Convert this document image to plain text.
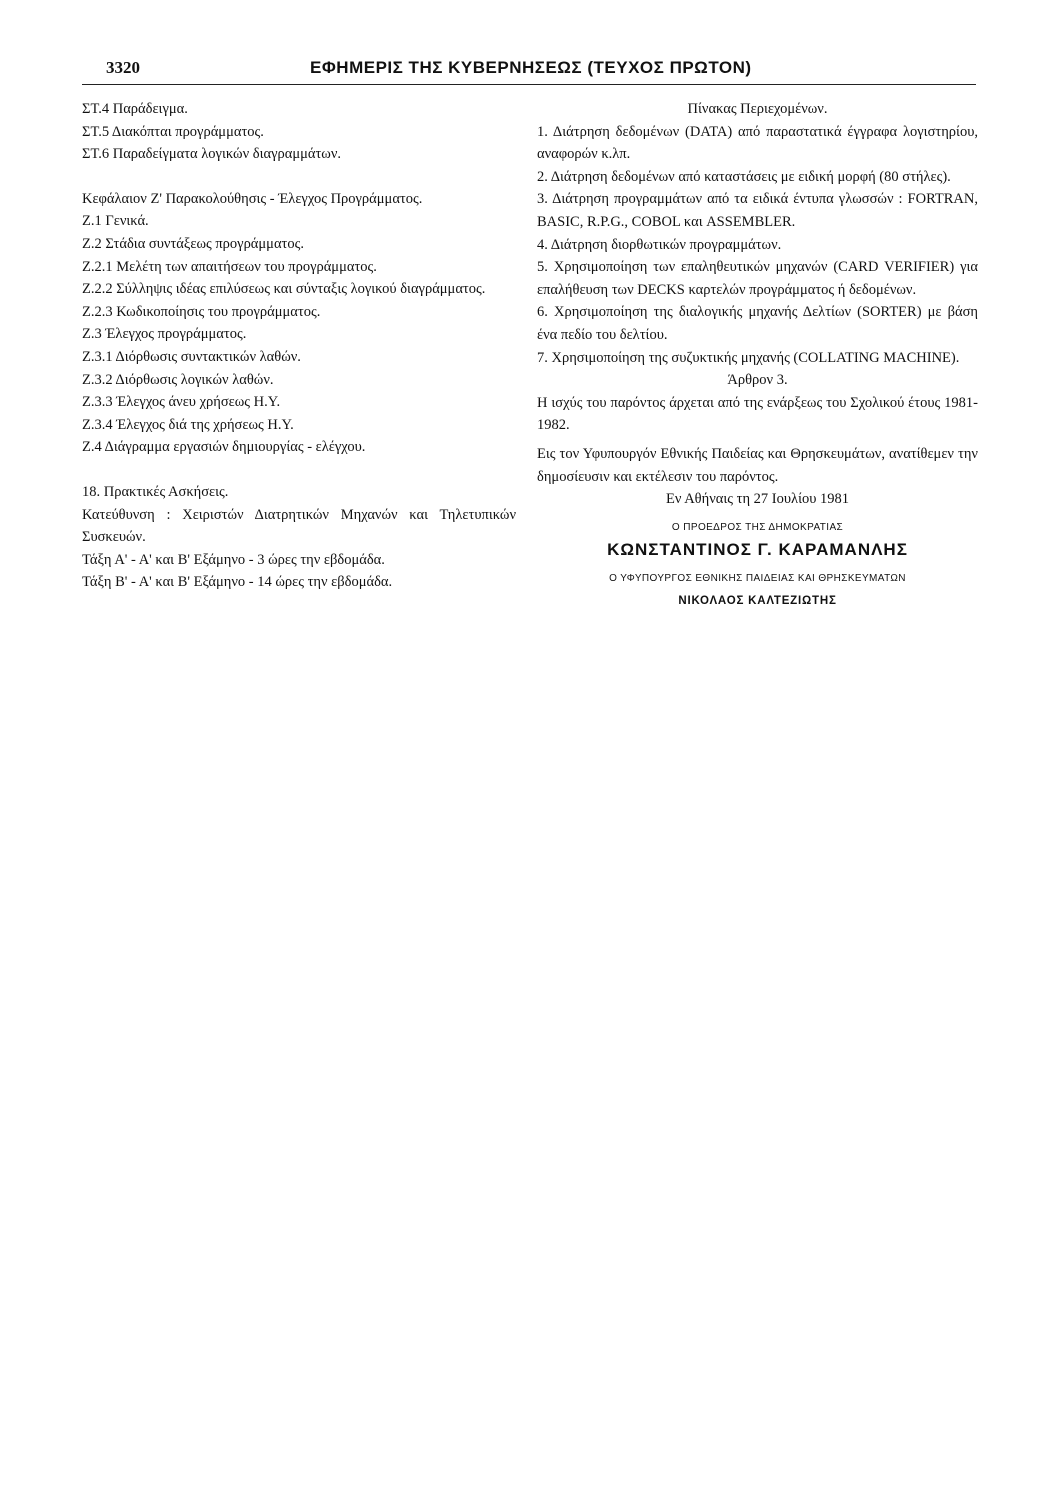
3320	ΕΦΗΜΕΡΙΣ ΤΗΣ ΚΥΒΕΡΝΗΣΕΩΣ (ΤΕΥΧΟΣ ΠΡΩΤΟΝ)

ΣΤ.4 Παράδειγμα.

ΣΤ.5 Διακόπται προγράμματος.

ΣΤ.6 Παραδείγματα λογικών διαγραμμάτων.

Κεφάλαιον Ζ' Παρακολούθησις - Έλεγχος Προγράμματος.

Ζ.1 Γενικά.

Ζ.2 Στάδια συντάξεως προγράμματος.

Ζ.2.1 Μελέτη των απαιτήσεων του προγράμματος.

Ζ.2.2 Σύλληψις ιδέας επιλύσεως και σύνταξις λογικού διαγράμματος.

Ζ.2.3 Κωδικοποίησις του προγράμματος.

Ζ.3 Έλεγχος προγράμματος.

Ζ.3.1 Διόρθωσις συντακτικών λαθών.

Ζ.3.2 Διόρθωσις λογικών λαθών.

Ζ.3.3 Έλεγχος άνευ χρήσεως Η.Υ.

Ζ.3.4 Έλεγχος διά της χρήσεως Η.Υ.

Ζ.4 Διάγραμμα εργασιών δημιουργίας - ελέγχου.

18. Πρακτικές Ασκήσεις.

Κατεύθυνση : Χειριστών Διατρητικών Μηχανών και Τηλετυπικών Συσκευών.

Τάξη Α' - Α' και Β' Εξάμηνο - 3 ώρες την εβδομάδα.

Τάξη Β' - Α' και Β' Εξάμηνο - 14 ώρες την εβδομάδα.

Πίνακας Περιεχομένων.

1. Διάτρηση δεδομένων (DATA) από παραστατικά έγγραφα λογιστηρίου, αναφορών κ.λπ.

2. Διάτρηση δεδομένων από καταστάσεις με ειδική μορφή (80 στήλες).

3. Διάτρηση προγραμμάτων από τα ειδικά έντυπα γλωσσών : FORTRAN, BASIC, R.P.G., COBOL και ASSEMBLER.

4. Διάτρηση διορθωτικών προγραμμάτων.

5. Χρησιμοποίηση των επαληθευτικών μηχανών (CARD VERIFIER) για επαλήθευση των DECKS καρτελών προγράμματος ή δεδομένων.

6. Χρησιμοποίηση της διαλογικής μηχανής Δελτίων (SORTER) με βάση ένα πεδίο του δελτίου.

7. Χρησιμοποίηση της συζυκτικής μηχανής (COLLATING MACHINE).

Άρθρον 3.

Η ισχύς του παρόντος άρχεται από της ενάρξεως του Σχολικού έτους 1981-1982.

Εις τον Υφυπουργόν Εθνικής Παιδείας και Θρησκευμάτων, ανατίθεμεν την δημοσίευσιν και εκτέλεσιν του παρόντος.

Εν Αθήναις τη 27 Ιουλίου 1981

Ο ΠΡΟΕΔΡΟΣ ΤΗΣ ΔΗΜΟΚΡΑΤΙΑΣ

ΚΩΝΣΤΑΝΤΙΝΟΣ Γ. ΚΑΡΑΜΑΝΛΗΣ

Ο ΥΦΥΠΟΥΡΓΟΣ ΕΘΝΙΚΗΣ ΠΑΙΔΕΙΑΣ ΚΑΙ ΘΡΗΣΚΕΥΜΑΤΩΝ

ΝΙΚΟΛΑΟΣ ΚΑΛΤΕΖΙΩΤΗΣ
